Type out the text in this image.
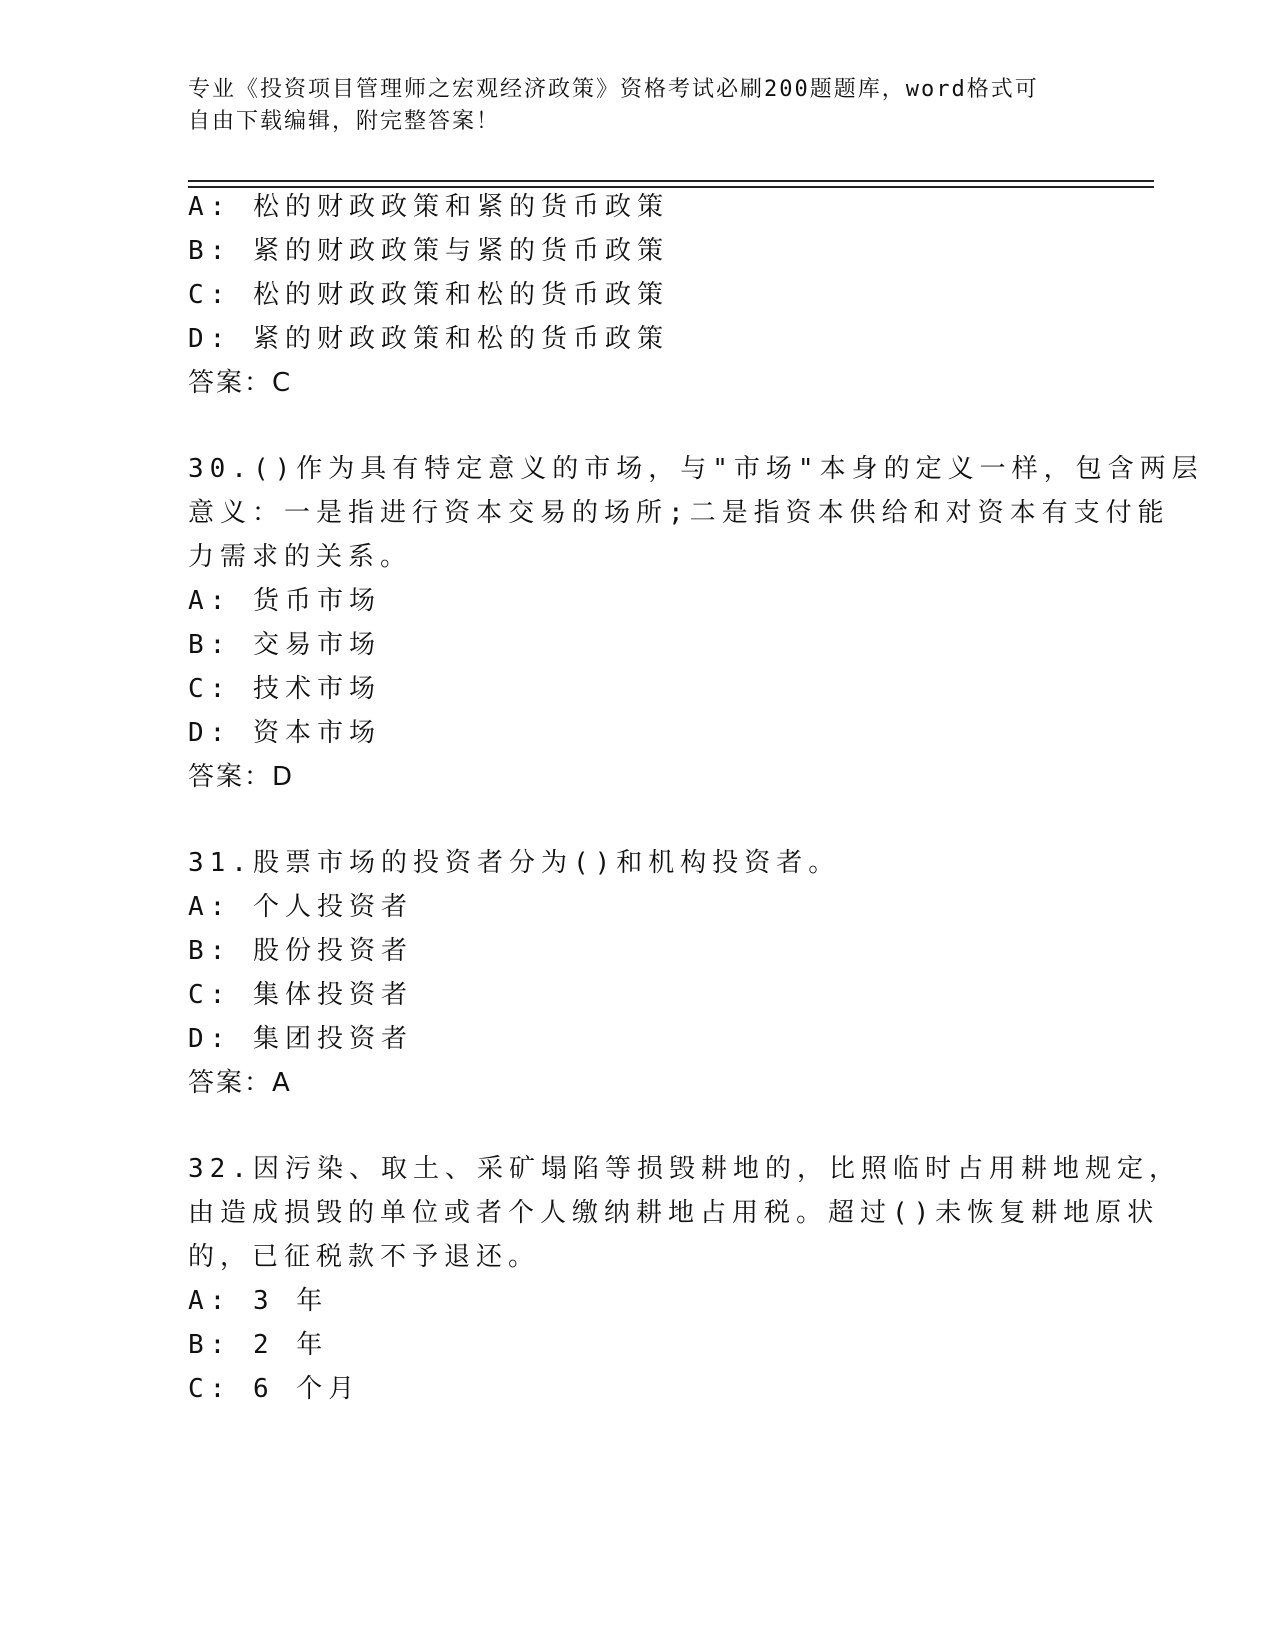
专业《投资项目管理师之宏观经济政策》资格考试必刷200题题库，word格式可
自由下载编辑，附完整答案！
A: 松的财政政策和紧的货币政策
B: 紧的财政政策与紧的货币政策
C: 松的财政政策和松的货币政策
D: 紧的财政政策和松的货币政策
答案：C
30.()作为具有特定意义的市场，与"市场"本身的定义一样，包含两层
意义：一是指进行资本交易的场所;二是指资本供给和对资本有支付能
力需求的关系。
A: 货币市场
B: 交易市场
C: 技术市场
D: 资本市场
答案：D
31.股票市场的投资者分为()和机构投资者。
A: 个人投资者
B: 股份投资者
C: 集体投资者
D: 集团投资者
答案：A
32.因污染、取土、采矿塌陷等损毁耕地的，比照临时占用耕地规定，
由造成损毁的单位或者个人缴纳耕地占用税。超过()未恢复耕地原状
的，已征税款不予退还。
A: 3 年
B: 2 年
C: 6 个月
